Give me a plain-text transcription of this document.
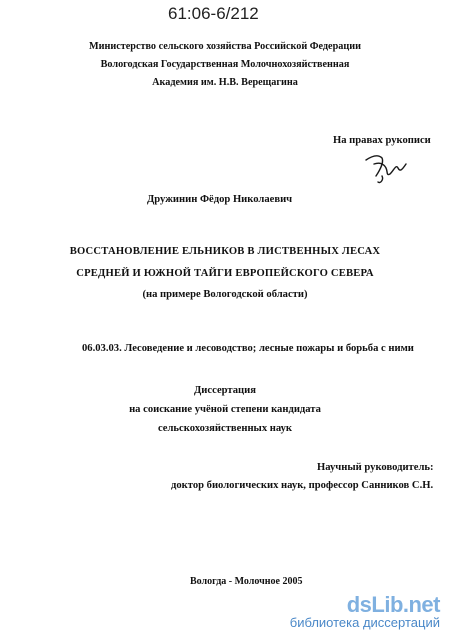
61:06-6/212
Министерство сельского хозяйства Российской Федерации
Вологодская Государственная Молочнохозяйственная
Академия им. Н.В. Верещагина
На правах рукописи
Дружинин Фёдор Николаевич
ВОССТАНОВЛЕНИЕ ЕЛЬНИКОВ В ЛИСТВЕННЫХ ЛЕСАХ
СРЕДНЕЙ И ЮЖНОЙ ТАЙГИ ЕВРОПЕЙСКОГО СЕВЕРА
(на примере Вологодской области)
06.03.03. Лесоведение и лесоводство; лесные пожары и борьба с ними
Диссертация
на соискание учёной степени кандидата
сельскохозяйственных наук
Научный руководитель:
доктор биологических наук, профессор Санников С.Н.
Вологда - Молочное 2005
dsLib.net
библиотека диссертаций
